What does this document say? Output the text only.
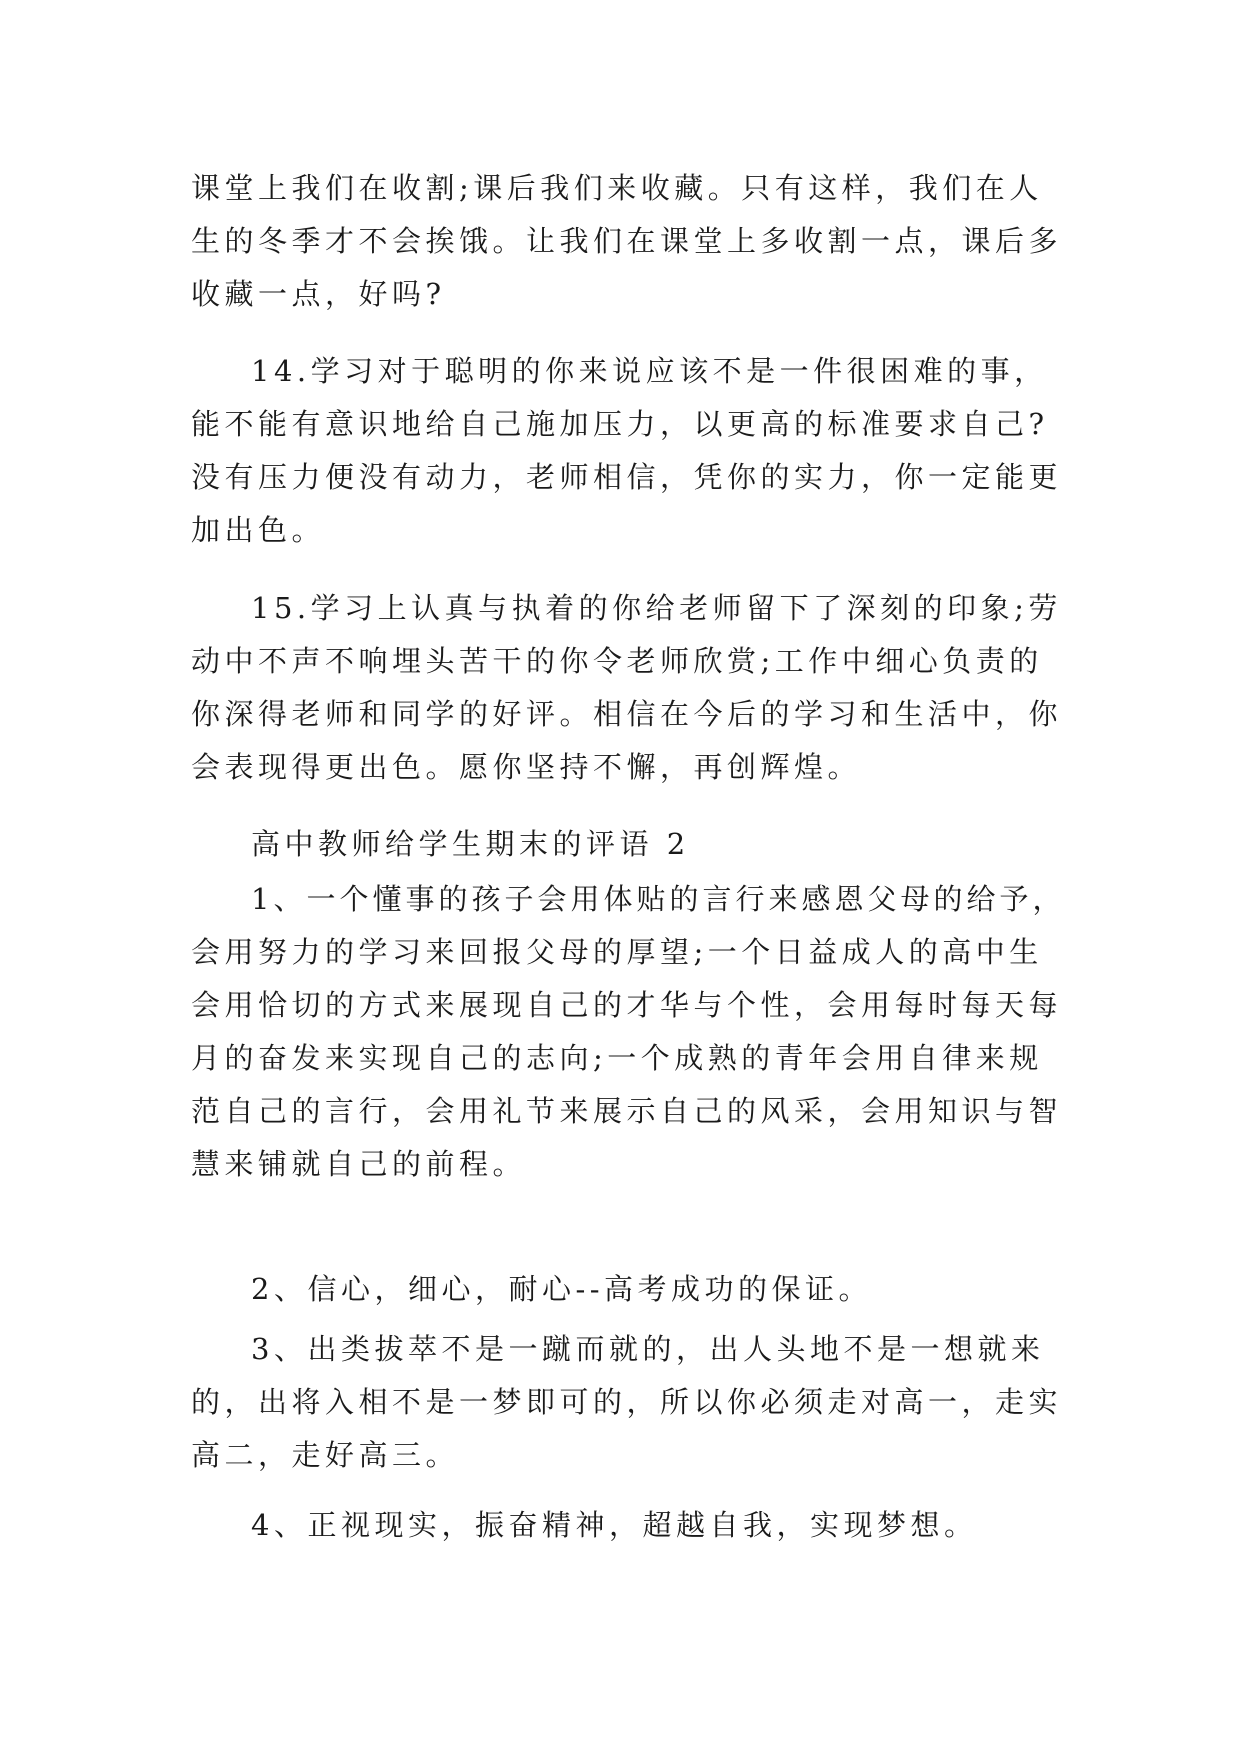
课堂上我们在收割;课后我们来收藏。只有这样，我们在人
生的冬季才不会挨饿。让我们在课堂上多收割一点，课后多
收藏一点，好吗?
14.学习对于聪明的你来说应该不是一件很困难的事，
能不能有意识地给自己施加压力，以更高的标准要求自己?
没有压力便没有动力，老师相信，凭你的实力，你一定能更
加出色。
15.学习上认真与执着的你给老师留下了深刻的印象;劳
动中不声不响埋头苦干的你令老师欣赏;工作中细心负责的
你深得老师和同学的好评。相信在今后的学习和生活中，你
会表现得更出色。愿你坚持不懈，再创辉煌。
高中教师给学生期末的评语 2
1、一个懂事的孩子会用体贴的言行来感恩父母的给予，
会用努力的学习来回报父母的厚望;一个日益成人的高中生
会用恰切的方式来展现自己的才华与个性，会用每时每天每
月的奋发来实现自己的志向;一个成熟的青年会用自律来规
范自己的言行，会用礼节来展示自己的风采，会用知识与智
慧来铺就自己的前程。
2、信心，细心，耐心--高考成功的保证。
3、出类拔萃不是一蹴而就的，出人头地不是一想就来
的，出将入相不是一梦即可的，所以你必须走对高一，走实
高二，走好高三。
4、正视现实，振奋精神，超越自我，实现梦想。
